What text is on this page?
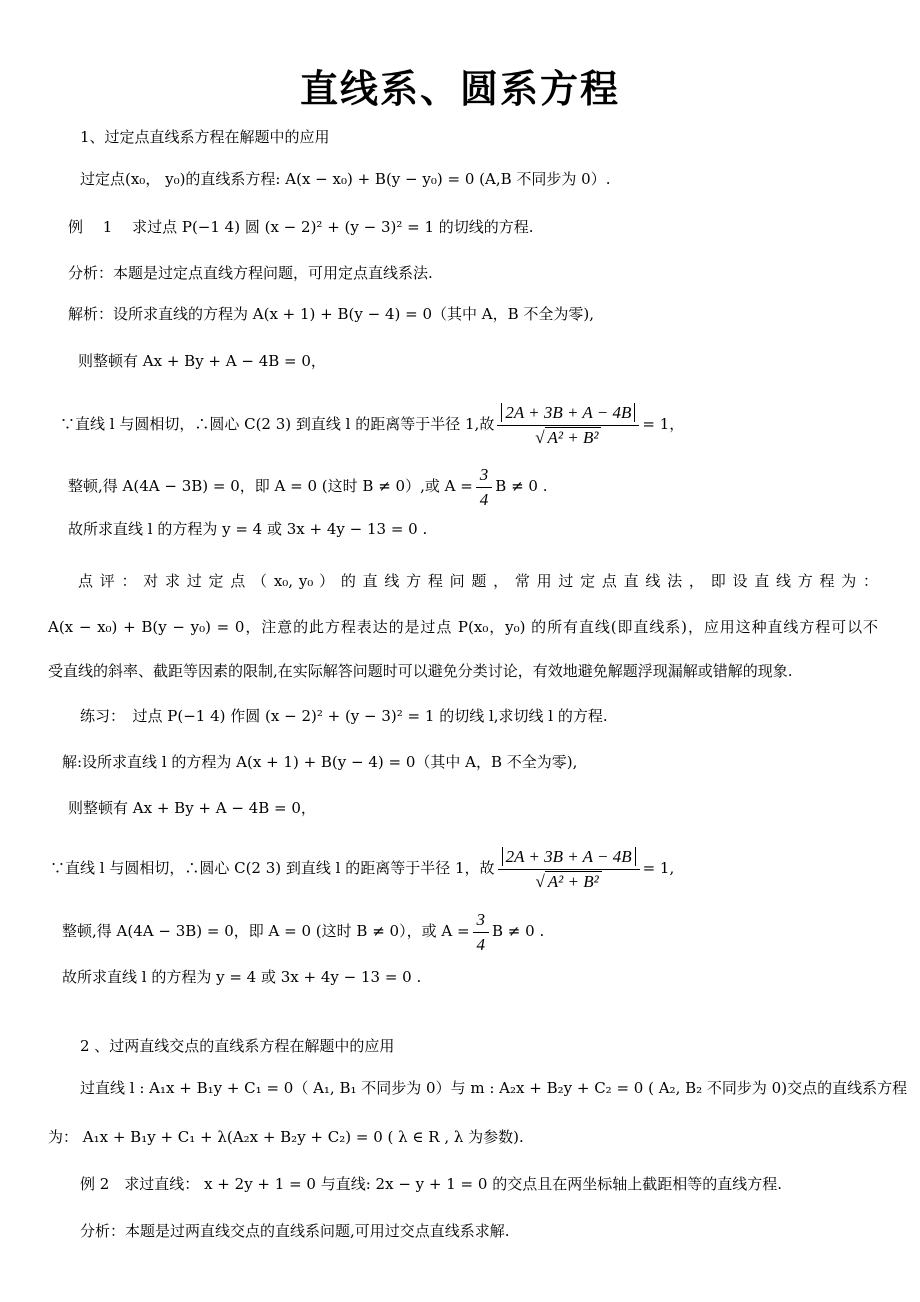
直线系、圆系方程
1、过定点直线系方程在解题中的应用
过定点(x₀， y₀)的直线系方程: A(x − x₀) + B(y − y₀) = 0 (A,B 不同步为 0）.
例　 1　 求过点 P(−1 4) 圆 (x − 2)² + (y − 3)² = 1 的切线的方程.
分析：本题是过定点直线方程问题，可用定点直线系法.
解析：设所求直线的方程为 A(x + 1) + B(y − 4) = 0（其中 A，B 不全为零),
则整顿有 Ax + By + A − 4B = 0，
∵直线 l 与圆相切，∴圆心 C(2 3) 到直线 l 的距离等于半径 1,故 $\frac{2A + 3B + A - 4B}{\text{√ A² + B²}} = 1$，
整顿,得 A(4A − 3B) = 0，即 A = 0 (这时 B ≠ 0）,或 $A = \frac{3}{4}$ B ≠ 0 .
故所求直线 l 的方程为 y = 4 或 3x + 4y − 13 = 0 .
点 评 ： 对 求 过 定 点 （ x₀, y₀ ） 的 直 线 方 程 问 题 ， 常 用 过 定 点 直 线 法 ， 即 设 直 线 方 程 为 ：
A(x − x₀) + B(y − y₀) = 0，注意的此方程表达的是过点 P(x₀，y₀) 的所有直线(即直线系)，应用这种直线方程可以不
受直线的斜率、截距等因素的限制,在实际解答问题时可以避免分类讨论，有效地避免解题浮现漏解或错解的现象.
练习：　过点 P(−1 4) 作圆 (x − 2)² + (y − 3)² = 1 的切线 l,求切线 l 的方程.
解:设所求直线 l 的方程为 A(x + 1) + B(y − 4) = 0（其中 A，B 不全为零),
则整顿有 Ax + By + A − 4B = 0，
∵直线 l 与圆相切，∴圆心 C(2 3) 到直线 l 的距离等于半径 1，故 $\frac{2A + 3B + A - 4B}{\text{√ A² + B²}} = 1$,
整顿,得 A(4A − 3B) = 0，即 A = 0 (这时 B ≠ 0），或 $A = \frac{3}{4}$ B ≠ 0 .
故所求直线 l 的方程为 y = 4 或 3x + 4y − 13 = 0 .
2 、过两直线交点的直线系方程在解题中的应用
过直线 l : A₁x + B₁y + C₁ = 0（ A₁, B₁ 不同步为 0）与 m : A₂x + B₂y + C₂ = 0 ( A₂, B₂ 不同步为 0)交点的直线系方程
为： A₁x + B₁y + C₁ + λ(A₂x + B₂y + C₂) = 0 ( λ ∈ R , λ 为参数).
例 2　求过直线： x + 2y + 1 = 0 与直线: 2x − y + 1 = 0 的交点且在两坐标轴上截距相等的直线方程.
分析：本题是过两直线交点的直线系问题,可用过交点直线系求解.
